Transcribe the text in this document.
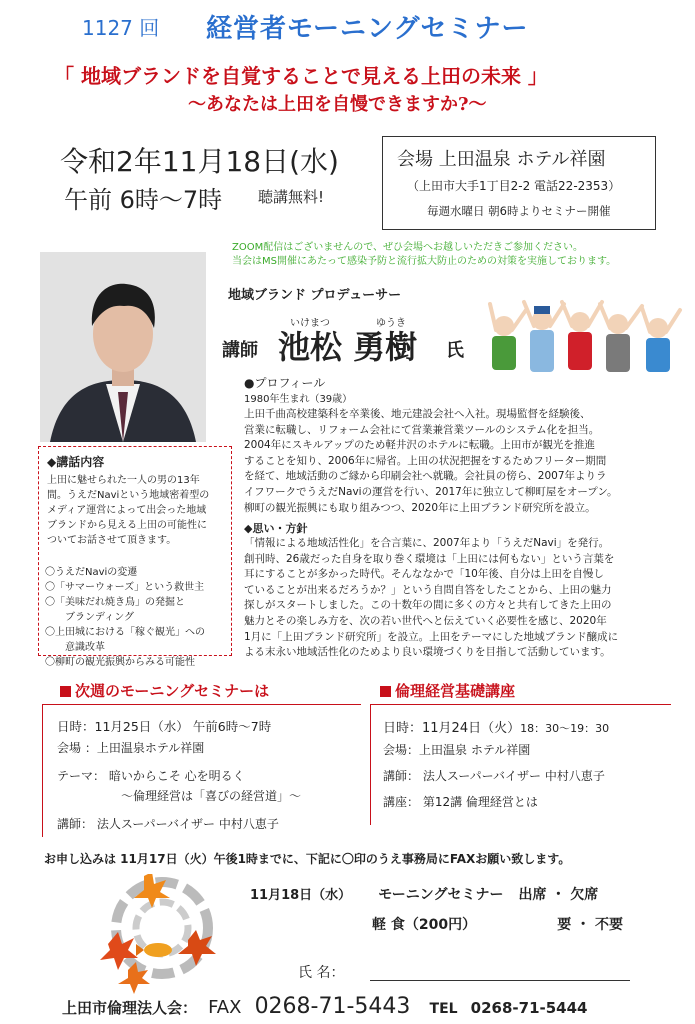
1127 回 経営者モーニングセミナー
「 地域ブランドを自覚することで見える上田の未来 」
～あなたは上田を自慢できますか?～
令和2年11月18日(水)
午前 6時～7時 聴講無料!
会場 上田温泉 ホテル祥園
（上田市大手1丁目2-2 電話22-2353）
毎週水曜日 朝6時よりセミナー開催
ZOOM配信はございませんので、ぜひ会場へお越しいただきご参加ください。
当会はMS開催にあたって感染予防と流行拡大防止のための対策を実施しております。
地域ブランド プロデューサー
講師
いけまつ	ゆうき
池松 勇樹 氏
●プロフィール
1980年生まれ（39歳）
上田千曲高校建築科を卒業後、地元建設会社へ入社。現場監督を経験後、
営業に転職し、リフォーム会社にて営業兼営業ツールのシステム化を担当。
2004年にスキルアップのため軽井沢のホテルに転職。上田市が観光を推進
することを知り、2006年に帰省。上田の状況把握をするためフリーター期間
を経て、地域活動のご縁から印刷会社へ就職。会社員の傍ら、2007年よりラ
イフワークでうえだNaviの運営を行い、2017年に独立して柳町屋をオープン。
柳町の観光振興にも取り組みつつ、2020年に上田ブランド研究所を設立。
◆思い・方針
「情報による地域活性化」を合言葉に、2007年より「うえだNavi」を発行。
創刊時、26歳だった自身を取り巻く環境は「上田には何もない」という言葉を
耳にすることが多かった時代。そんななかで「10年後、自分は上田を自慢し
ていることが出来るだろうか？」という自問自答をしたことから、上田の魅力
探しがスタートしました。この十数年の間に多くの方々と共有してきた上田の
魅力とその楽しみ方を、次の若い世代へと伝えていく必要性を感じ、2020年
1月に「上田ブランド研究所」を設立。上田をテーマにした地域ブランド醸成に
よる末永い地域活性化のためより良い環境づくりを目指して活動しています。
◆講話内容
上田に魅せられた一人の男の13年
間。うえだNaviという地域密着型の
メディア運営によって出会った地域
ブランドから見える上田の可能性に
ついてお話させて頂きます。
〇うえだNaviの変遷
〇「サマーウォーズ」という救世主
〇「美味だれ焼き鳥」の発掘と
　　ブランディング
〇上田城における「稼ぐ観光」への
　　意識改革
〇柳町の観光振興からみる可能性
次週のモーニングセミナーは
日時：11月25日（水） 午前6時～7時
会場 ：上田温泉ホテル祥園
テーマ： 暗いからこそ 心を明るく
～倫理経営は「喜びの経営道」～
講師： 法人スーパーバイザー 中村八恵子
倫理経営基礎講座
日時：11月24日（火）18：30～19：30
会場：上田温泉 ホテル祥園
講師： 法人スーパーバイザー 中村八恵子
講座： 第12講 倫理経営とは
お申し込みは 11月17日（火）午後1時までに、下記に〇印のうえ事務局にFAXお願い致します。
11月18日（水） モーニングセミナー 出席 ・ 欠席
軽 食（200円）	要 ・ 不要
氏 名：
上田市倫理法人会： FAX 0268-71-5443 TEL 0268-71-5444
